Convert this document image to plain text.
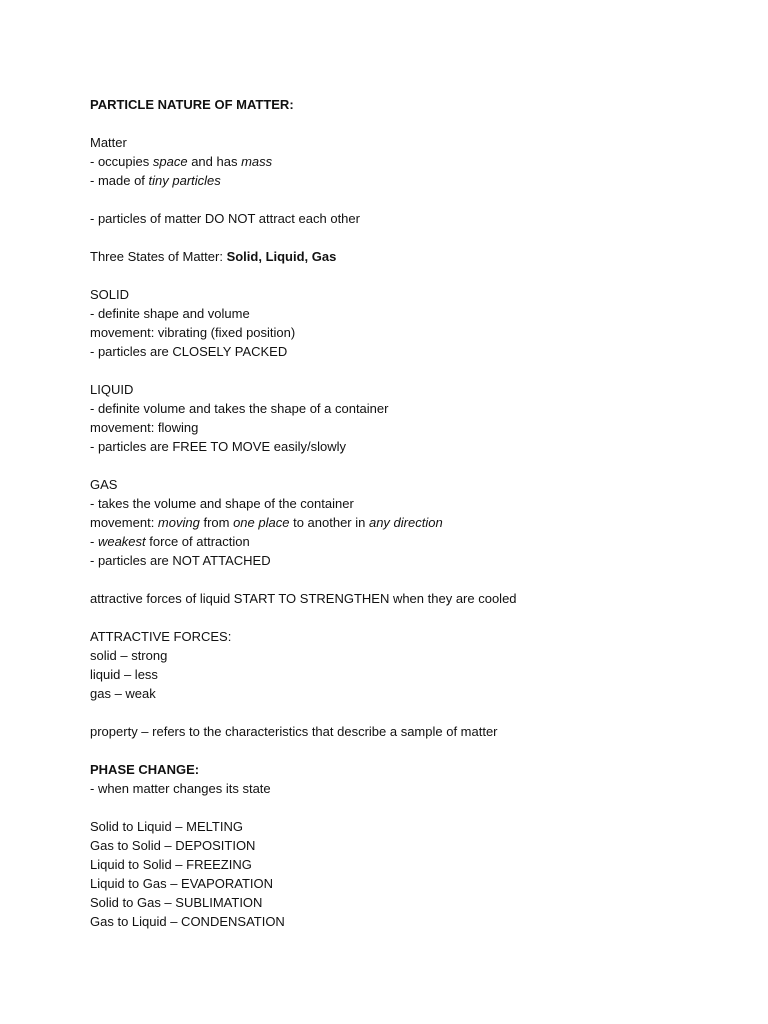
PARTICLE NATURE OF MATTER:
Matter
- occupies space and has mass
- made of tiny particles
- particles of matter DO NOT attract each other
Three States of Matter: Solid, Liquid, Gas
SOLID
- definite shape and volume
movement: vibrating (fixed position)
- particles are CLOSELY PACKED
LIQUID
- definite volume and takes the shape of a container
movement: flowing
- particles are FREE TO MOVE easily/slowly
GAS
- takes the volume and shape of the container
movement: moving from one place to another in any direction
- weakest force of attraction
- particles are NOT ATTACHED
attractive forces of liquid START TO STRENGTHEN when they are cooled
ATTRACTIVE FORCES:
solid – strong
liquid – less
gas – weak
property – refers to the characteristics that describe a sample of matter
PHASE CHANGE:
- when matter changes its state
Solid to Liquid – MELTING
Gas to Solid – DEPOSITION
Liquid to Solid – FREEZING
Liquid to Gas – EVAPORATION
Solid to Gas – SUBLIMATION
Gas to Liquid – CONDENSATION
